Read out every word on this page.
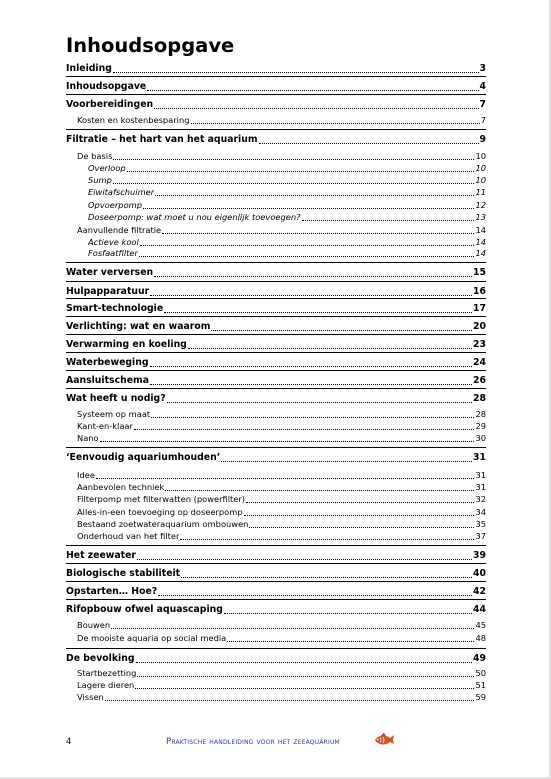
Inhoudsopgave
Inleiding	3
Inhoudsopgave	4
Voorbereidingen	7
Kosten en kostenbesparing	7
Filtratie – het hart van het aquarium	9
De basis	10
Overloop	10
Sump	10
Eiwitafschuimer	11
Opvoerpomp	12
Doseerpomp: wat moet u nou eigenlijk toevoegen?	13
Aanvullende filtratie	14
Actieve kool	14
Fosfaatfilter	14
Water verversen	15
Hulpapparatuur	16
Smart-technologie	17
Verlichting: wat en waarom	20
Verwarming en koeling	23
Waterbeweging	24
Aansluitschema	26
Wat heeft u nodig?	28
Systeem op maat	28
Kant-en-klaar	29
Nano	30
‘Eenvoudig aquariumhouden’	31
Idee	31
Aanbevolen techniek	31
Filterpomp met filterwatten (powerfilter)	32
Alles-in-een toevoeging op doseerpomp	34
Bestaand zoetwateraquarium ombouwen	35
Onderhoud van het filter	37
Het zeewater	39
Biologische stabiliteit	40
Opstarten… Hoe?	42
Rifopbouw ofwel aquascaping	44
Bouwen	45
De mooiste aquaria op social media	48
De bevolking	49
Startbezetting	50
Lagere dieren	51
Vissen	59
4	Praktische handleiding voor het zeeaquarium
